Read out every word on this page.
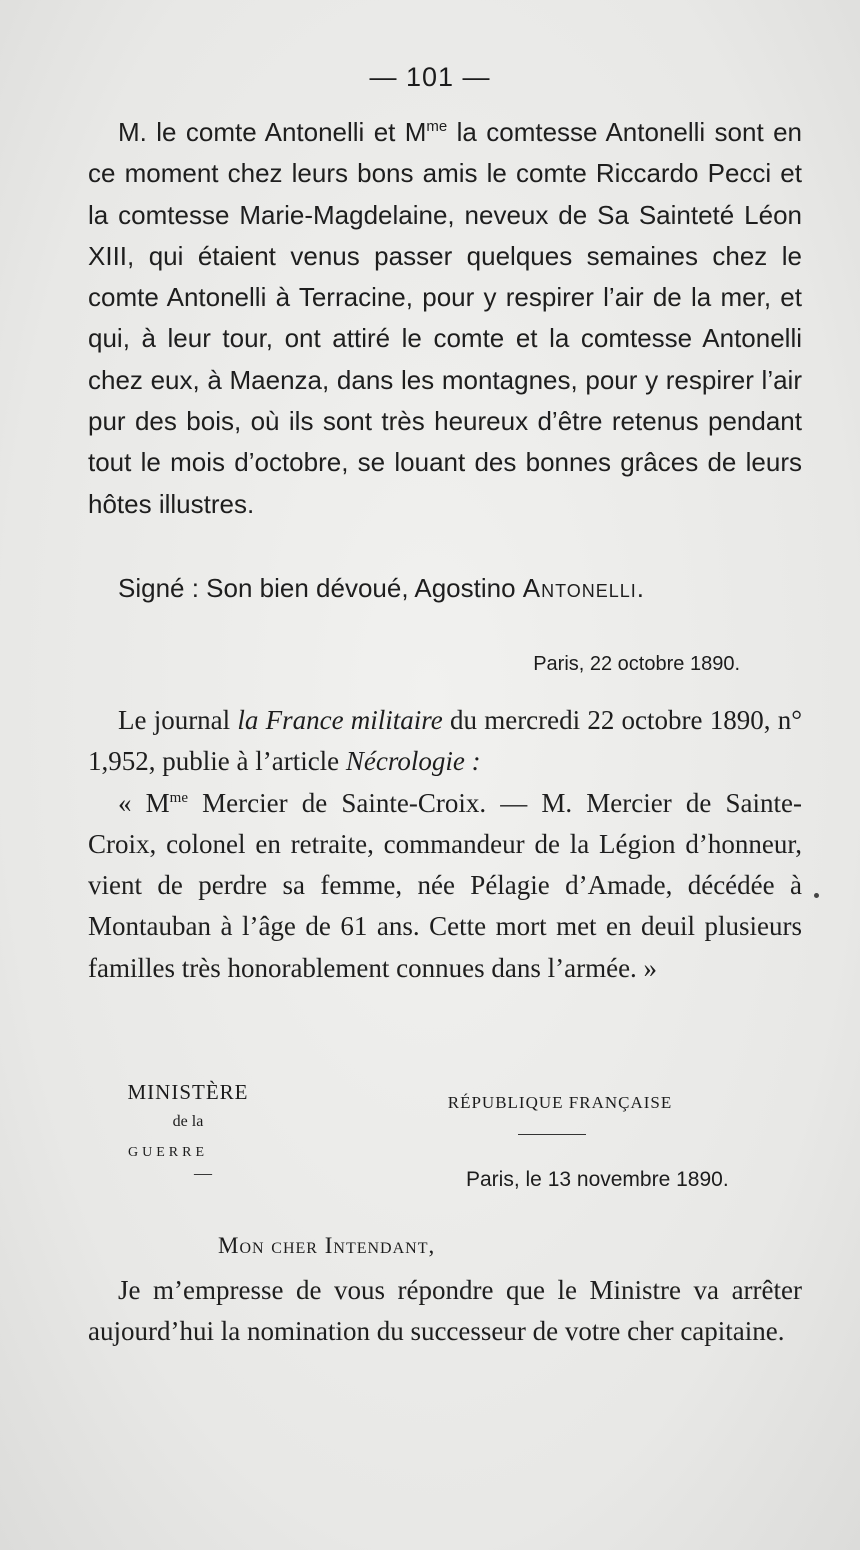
— 101 —

M. le comte Antonelli et $M^{me}$ la comtesse Antonelli sont en ce moment chez leurs bons amis le comte Riccardo Pecci et la comtesse Marie-Magdelaine, neveux de Sa Sainteté Léon XIII, qui étaient venus passer quelques semaines chez le comte Antonelli à Terracine, pour y respirer l’air de la mer, et qui, à leur tour, ont attiré le comte et la comtesse Antonelli chez eux, à Maenza, dans les montagnes, pour y respirer l’air pur des bois, où ils sont très heureux d’être retenus pendant tout le mois d’octobre, se louant des bonnes grâces de leurs hôtes illustres.

Signé : Son bien dévoué, Agostino Antonelli.

Paris, 22 octobre 1890.

Le journal la France militaire du mercredi 22 octobre 1890, n° 1,952, publie à l’article Nécrologie :

« $M^{me}$ Mercier de Sainte-Croix. — M. Mercier de Sainte-Croix, colonel en retraite, commandeur de la Légion d’honneur, vient de perdre sa femme, née Pélagie d’Amade, décédée à Montauban à l’âge de 61 ans. Cette mort met en deuil plusieurs familles très honorablement connues dans l’armée. »

MINISTÈRE
de la
GUERRE
—
RÉPUBLIQUE FRANÇAISE
Paris, le 13 novembre 1890.
Mon cher Intendant,

Je m’empresse de vous répondre que le Ministre va arrêter aujourd’hui la nomination du successeur de votre cher capitaine.
